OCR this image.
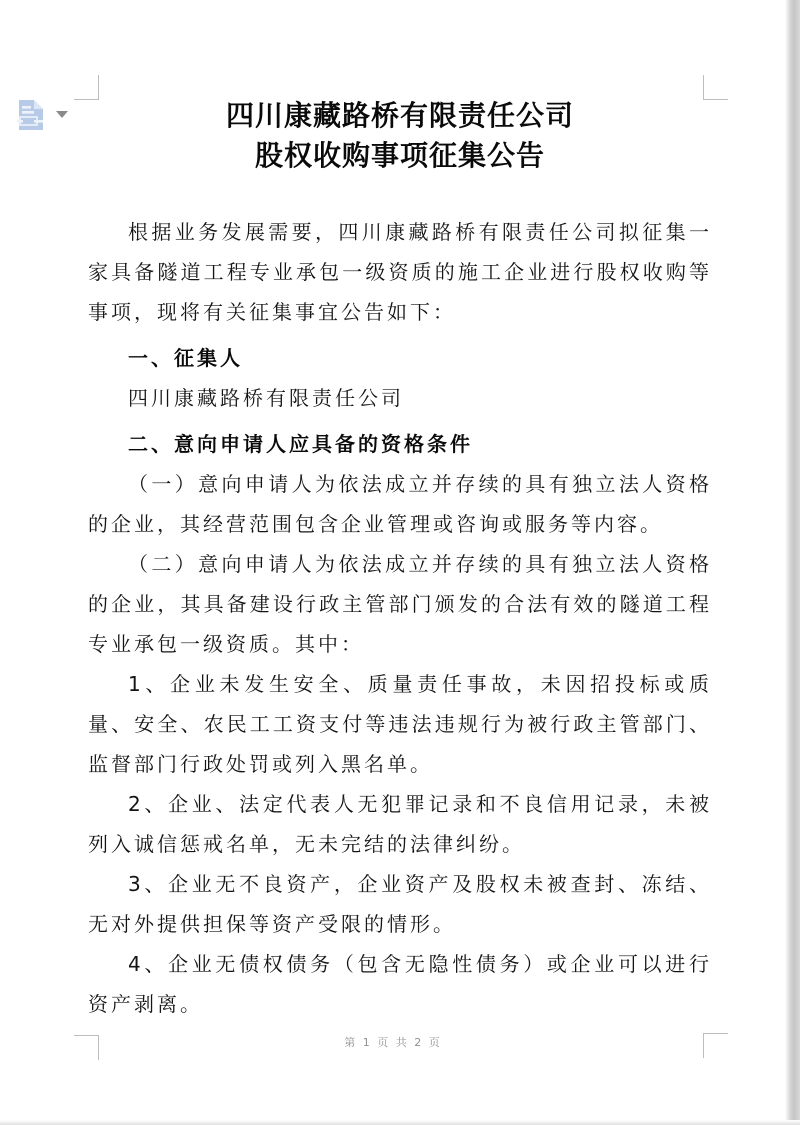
四川康藏路桥有限责任公司
股权收购事项征集公告

根据业务发展需要，四川康藏路桥有限责任公司拟征集一家具备隧道工程专业承包一级资质的施工企业进行股权收购等事项，现将有关征集事宜公告如下：

一、征集人

四川康藏路桥有限责任公司

二、意向申请人应具备的资格条件

（一）意向申请人为依法成立并存续的具有独立法人资格的企业，其经营范围包含企业管理或咨询或服务等内容。

（二）意向申请人为依法成立并存续的具有独立法人资格的企业，其具备建设行政主管部门颁发的合法有效的隧道工程专业承包一级资质。其中：

1、企业未发生安全、质量责任事故，未因招投标或质量、安全、农民工工资支付等违法违规行为被行政主管部门、监督部门行政处罚或列入黑名单。

2、企业、法定代表人无犯罪记录和不良信用记录，未被列入诚信惩戒名单，无未完结的法律纠纷。

3、企业无不良资产，企业资产及股权未被查封、冻结、无对外提供担保等资产受限的情形。

4、企业无债权债务（包含无隐性债务）或企业可以进行资产剥离。

第 1 页 共 2 页
